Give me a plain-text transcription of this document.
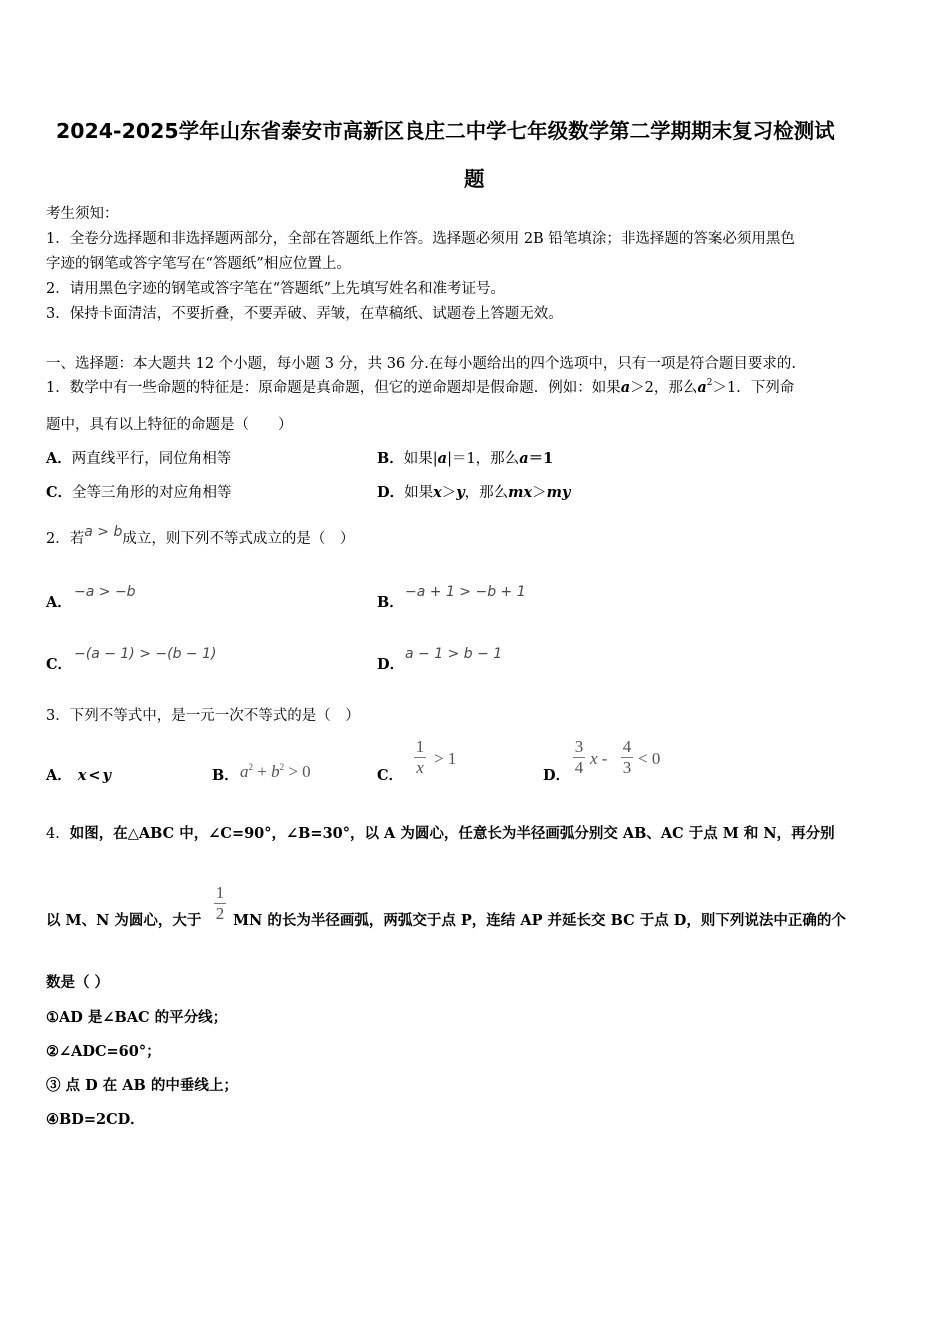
2024-2025学年山东省泰安市高新区良庄二中学七年级数学第二学期期末复习检测试
题
考生须知：
1．全卷分选择题和非选择题两部分，全部在答题纸上作答。选择题必须用 2B 铅笔填涂；非选择题的答案必须用黑色
字迹的钢笔或答字笔写在“答题纸”相应位置上。
2．请用黑色字迹的钢笔或答字笔在“答题纸”上先填写姓名和准考证号。
3．保持卡面清洁，不要折叠，不要弄破、弄皱，在草稿纸、试题卷上答题无效。
一、选择题：本大题共 12 个小题，每小题 3 分，共 36 分.在每小题给出的四个选项中，只有一项是符合题目要求的.
1．数学中有一些命题的特征是：原命题是真命题，但它的逆命题却是假命题．例如：如果a＞2，那么$a^2>1$．下列命
题中，具有以上特征的命题是（　　）
A．两直线平行，同位角相等	B．如果|a|＝1，那么a＝1
C．全等三角形的对应角相等	D．如果x＞y，那么mx＞my
2．若a > b成立，则下列不等式成立的是（　）
A．
−a > −b
B．
−a + 1 > −b + 1
C．
−(a − 1) > −(b − 1)
D．
a − 1 > b − 1
3．下列不等式中，是一元一次不等式的是（　）
A． x < y	B． $a^2 + b^2 > 0$	C．
1
x > 1
D．
3
4 x -
4
3 < 0
4．如图，在△ABC 中，∠C=90°，∠B=30°，以 A 为圆心，任意长为半径画弧分别交 AB、AC 于点 M 和 N，再分别
以 M、N 为圆心，大于
1
2 MN 的长为半径画弧，两弧交于点 P，连结 AP 并延长交 BC 于点 D，则下列说法中正确的个
数是（ ）
①AD 是∠BAC 的平分线；
②∠ADC=60°；
③ 点 D 在 AB 的中垂线上；
④BD=2CD．
